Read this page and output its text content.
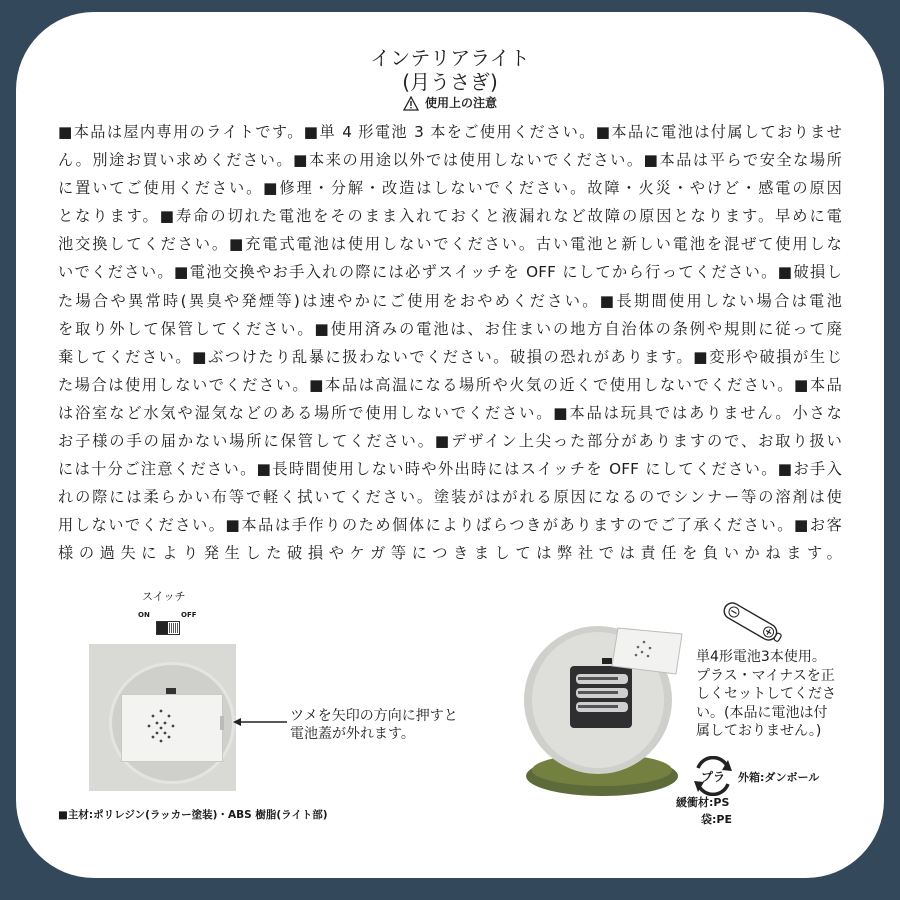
インテリアライト
(月うさぎ)
使用上の注意
■本品は屋内専用のライトです。■単 4 形電池 3 本をご使用ください。■本品に電池は付属しておりませ
ん。別途お買い求めください。■本来の用途以外では使用しないでください。■本品は平らで安全な場所
に置いてご使用ください。■修理・分解・改造はしないでください。故障・火災・やけど・感電の原因
となります。■寿命の切れた電池をそのまま入れておくと液漏れなど故障の原因となります。早めに電
池交換してください。■充電式電池は使用しないでください。古い電池と新しい電池を混ぜて使用しな
いでください。■電池交換やお手入れの際には必ずスイッチを OFF にしてから行ってください。■破損し
た場合や異常時(異臭や発煙等)は速やかにご使用をおやめください。■長期間使用しない場合は電池
を取り外して保管してください。■使用済みの電池は、お住まいの地方自治体の条例や規則に従って廃
棄してください。■ぶつけたり乱暴に扱わないでください。破損の恐れがあります。■変形や破損が生じ
た場合は使用しないでください。■本品は高温になる場所や火気の近くで使用しないでください。■本品
は浴室など水気や湿気などのある場所で使用しないでください。■本品は玩具ではありません。小さな
お子様の手の届かない場所に保管してください。■デザイン上尖った部分がありますので、お取り扱い
には十分ご注意ください。■長時間使用しない時や外出時にはスイッチを OFF にしてください。■お手入
れの際には柔らかい布等で軽く拭いてください。塗装がはがれる原因になるのでシンナー等の溶剤は使
用しないでください。■本品は手作りのため個体によりばらつきがありますのでご了承ください。■お客
様の過失により発生した破損やケガ等につきましては弊社では責任を負いかねます。
スイッチ
ON	OFF
ツメを矢印の方向に押すと
電池蓋が外れます。
■主材:ポリレジン(ラッカー塗装)・ABS 樹脂(ライト部)

単4形電池3本使用。
プラス・マイナスを正
しくセットしてくださ
い。(本品に電池は付
属しておりません。)

プラ 外箱:ダンボール
緩衝材:PS
袋:PE
